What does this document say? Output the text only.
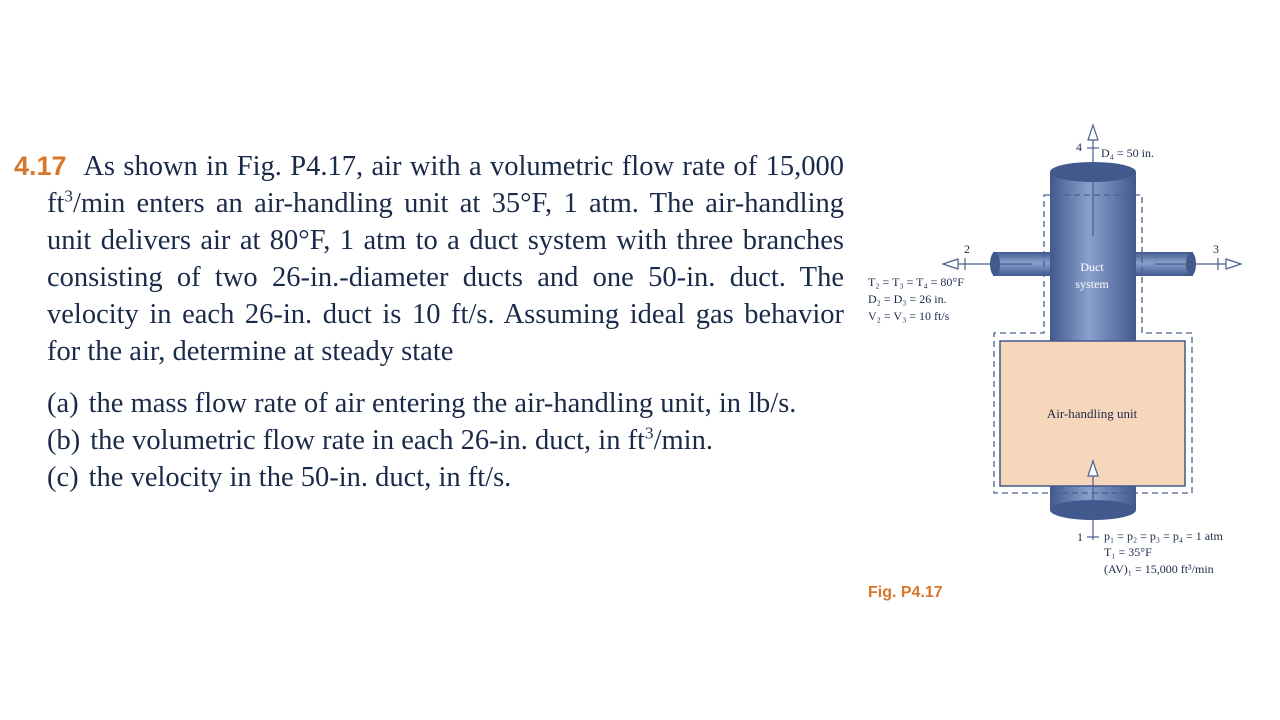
4.17 As shown in Fig. P4.17, air with a volumetric flow rate of 15,000 $ft^3/\min$ enters an air-handling unit at 35°F, 1 atm. The air-handling unit delivers air at 80°F, 1 atm to a duct system with three branches consisting of two 26-in.-diameter ducts and one 50-in. duct. The velocity in each 26-in. duct is 10 ft/s. Assuming ideal gas behavior for the air, determine at steady state

(a) the mass flow rate of air entering the air-handling unit, in lb/s.

(b) the volumetric flow rate in each 26-in. duct, in $ft^3/\min$.

(c) the velocity in the 50-in. duct, in ft/s.

4 D₄ = 50 in.
2	3
Duct
system
T₂ = T₃ = T₄ = 80°F
D₂ = D₃ = 26 in.
V₂ = V₃ = 10 ft/s
Air-handling unit
1 p₁ = p₂ = p₃ = p₄ = 1 atm
T₁ = 35°F
(AV)₁ = 15,000 ft³/min
Fig. P4.17
